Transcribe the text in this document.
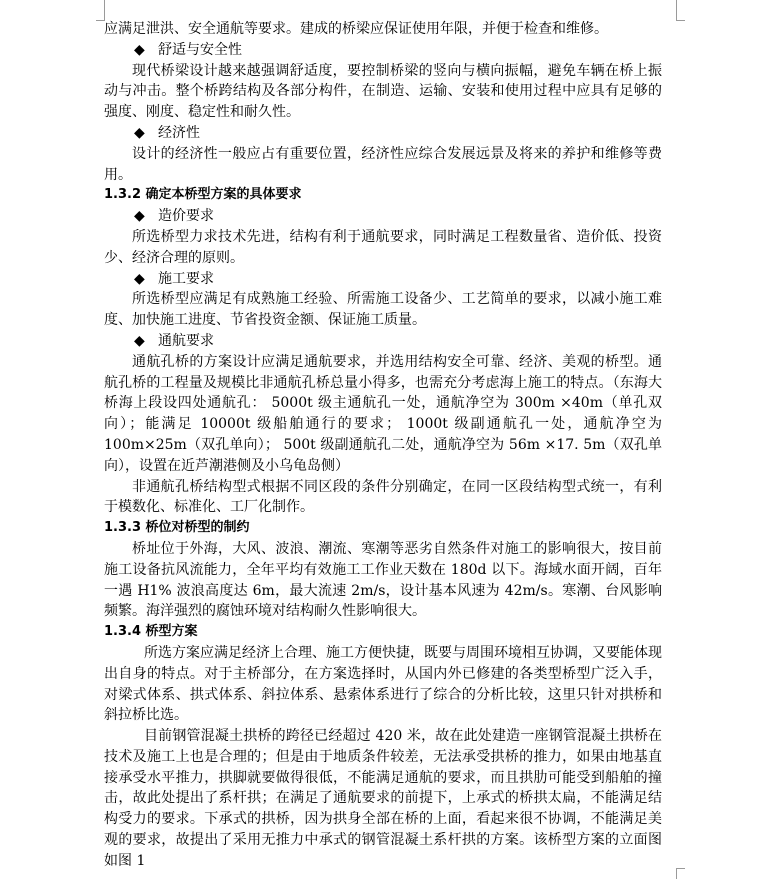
应满足泄洪、安全通航等要求。建成的桥梁应保证使用年限，并便于检查和维修。

◆ 舒适与安全性

现代桥梁设计越来越强调舒适度，要控制桥梁的竖向与横向振幅，避免车辆在桥上振动与冲击。整个桥跨结构及各部分构件，在制造、运输、安装和使用过程中应具有足够的强度、刚度、稳定性和耐久性。

◆ 经济性

设计的经济性一般应占有重要位置，经济性应综合发展远景及将来的养护和维修等费用。

1.3.2 确定本桥型方案的具体要求

◆ 造价要求

所选桥型力求技术先进，结构有利于通航要求，同时满足工程数量省、造价低、投资少、经济合理的原则。

◆ 施工要求

所选桥型应满足有成熟施工经验、所需施工设备少、工艺简单的要求，以减小施工难度、加快施工进度、节省投资金额、保证施工质量。

◆ 通航要求

通航孔桥的方案设计应满足通航要求，并选用结构安全可靠、经济、美观的桥型。通航孔桥的工程量及规模比非通航孔桥总量小得多，也需充分考虑海上施工的特点。（东海大桥海上段设四处通航孔： 5000t 级主通航孔一处，通航净空为 300m ×40m（单孔双向）；能满足 10000t 级船舶通行的要求； 1000t 级副通航孔一处，通航净空为 100m×25m（双孔单向）； 500t 级副通航孔二处，通航净空为 56m ×17. 5m（双孔单向），设置在近芦潮港侧及小乌龟岛侧）

非通航孔桥结构型式根据不同区段的条件分别确定，在同一区段结构型式统一，有利于模数化、标准化、工厂化制作。

1.3.3 桥位对桥型的制约

桥址位于外海，大风、波浪、潮流、寒潮等恶劣自然条件对施工的影响很大，按目前施工设备抗风流能力，全年平均有效施工工作业天数在 180d 以下。海域水面开阔，百年一遇 H1% 波浪高度达 6m，最大流速 2m/s，设计基本风速为 42m/s。寒潮、台风影响频繁。海洋强烈的腐蚀环境对结构耐久性影响很大。

1.3.4 桥型方案

所选方案应满足经济上合理、施工方便快捷，既要与周围环境相互协调，又要能体现出自身的特点。对于主桥部分，在方案选择时，从国内外已修建的各类型桥型广泛入手，对梁式体系、拱式体系、斜拉体系、悬索体系进行了综合的分析比较，这里只针对拱桥和斜拉桥比选。

目前钢管混凝土拱桥的跨径已经超过 420 米，故在此处建造一座钢管混凝土拱桥在技术及施工上也是合理的；但是由于地质条件较差，无法承受拱桥的推力，如果由地基直接承受水平推力，拱脚就要做得很低，不能满足通航的要求，而且拱肋可能受到船舶的撞击，故此处提出了系杆拱；在满足了通航要求的前提下，上承式的桥拱太扁，不能满足结构受力的要求。下承式的拱桥，因为拱身全部在桥的上面，看起来很不协调，不能满足美观的要求，故提出了采用无推力中承式的钢管混凝土系杆拱的方案。该桥型方案的立面图如图 1
